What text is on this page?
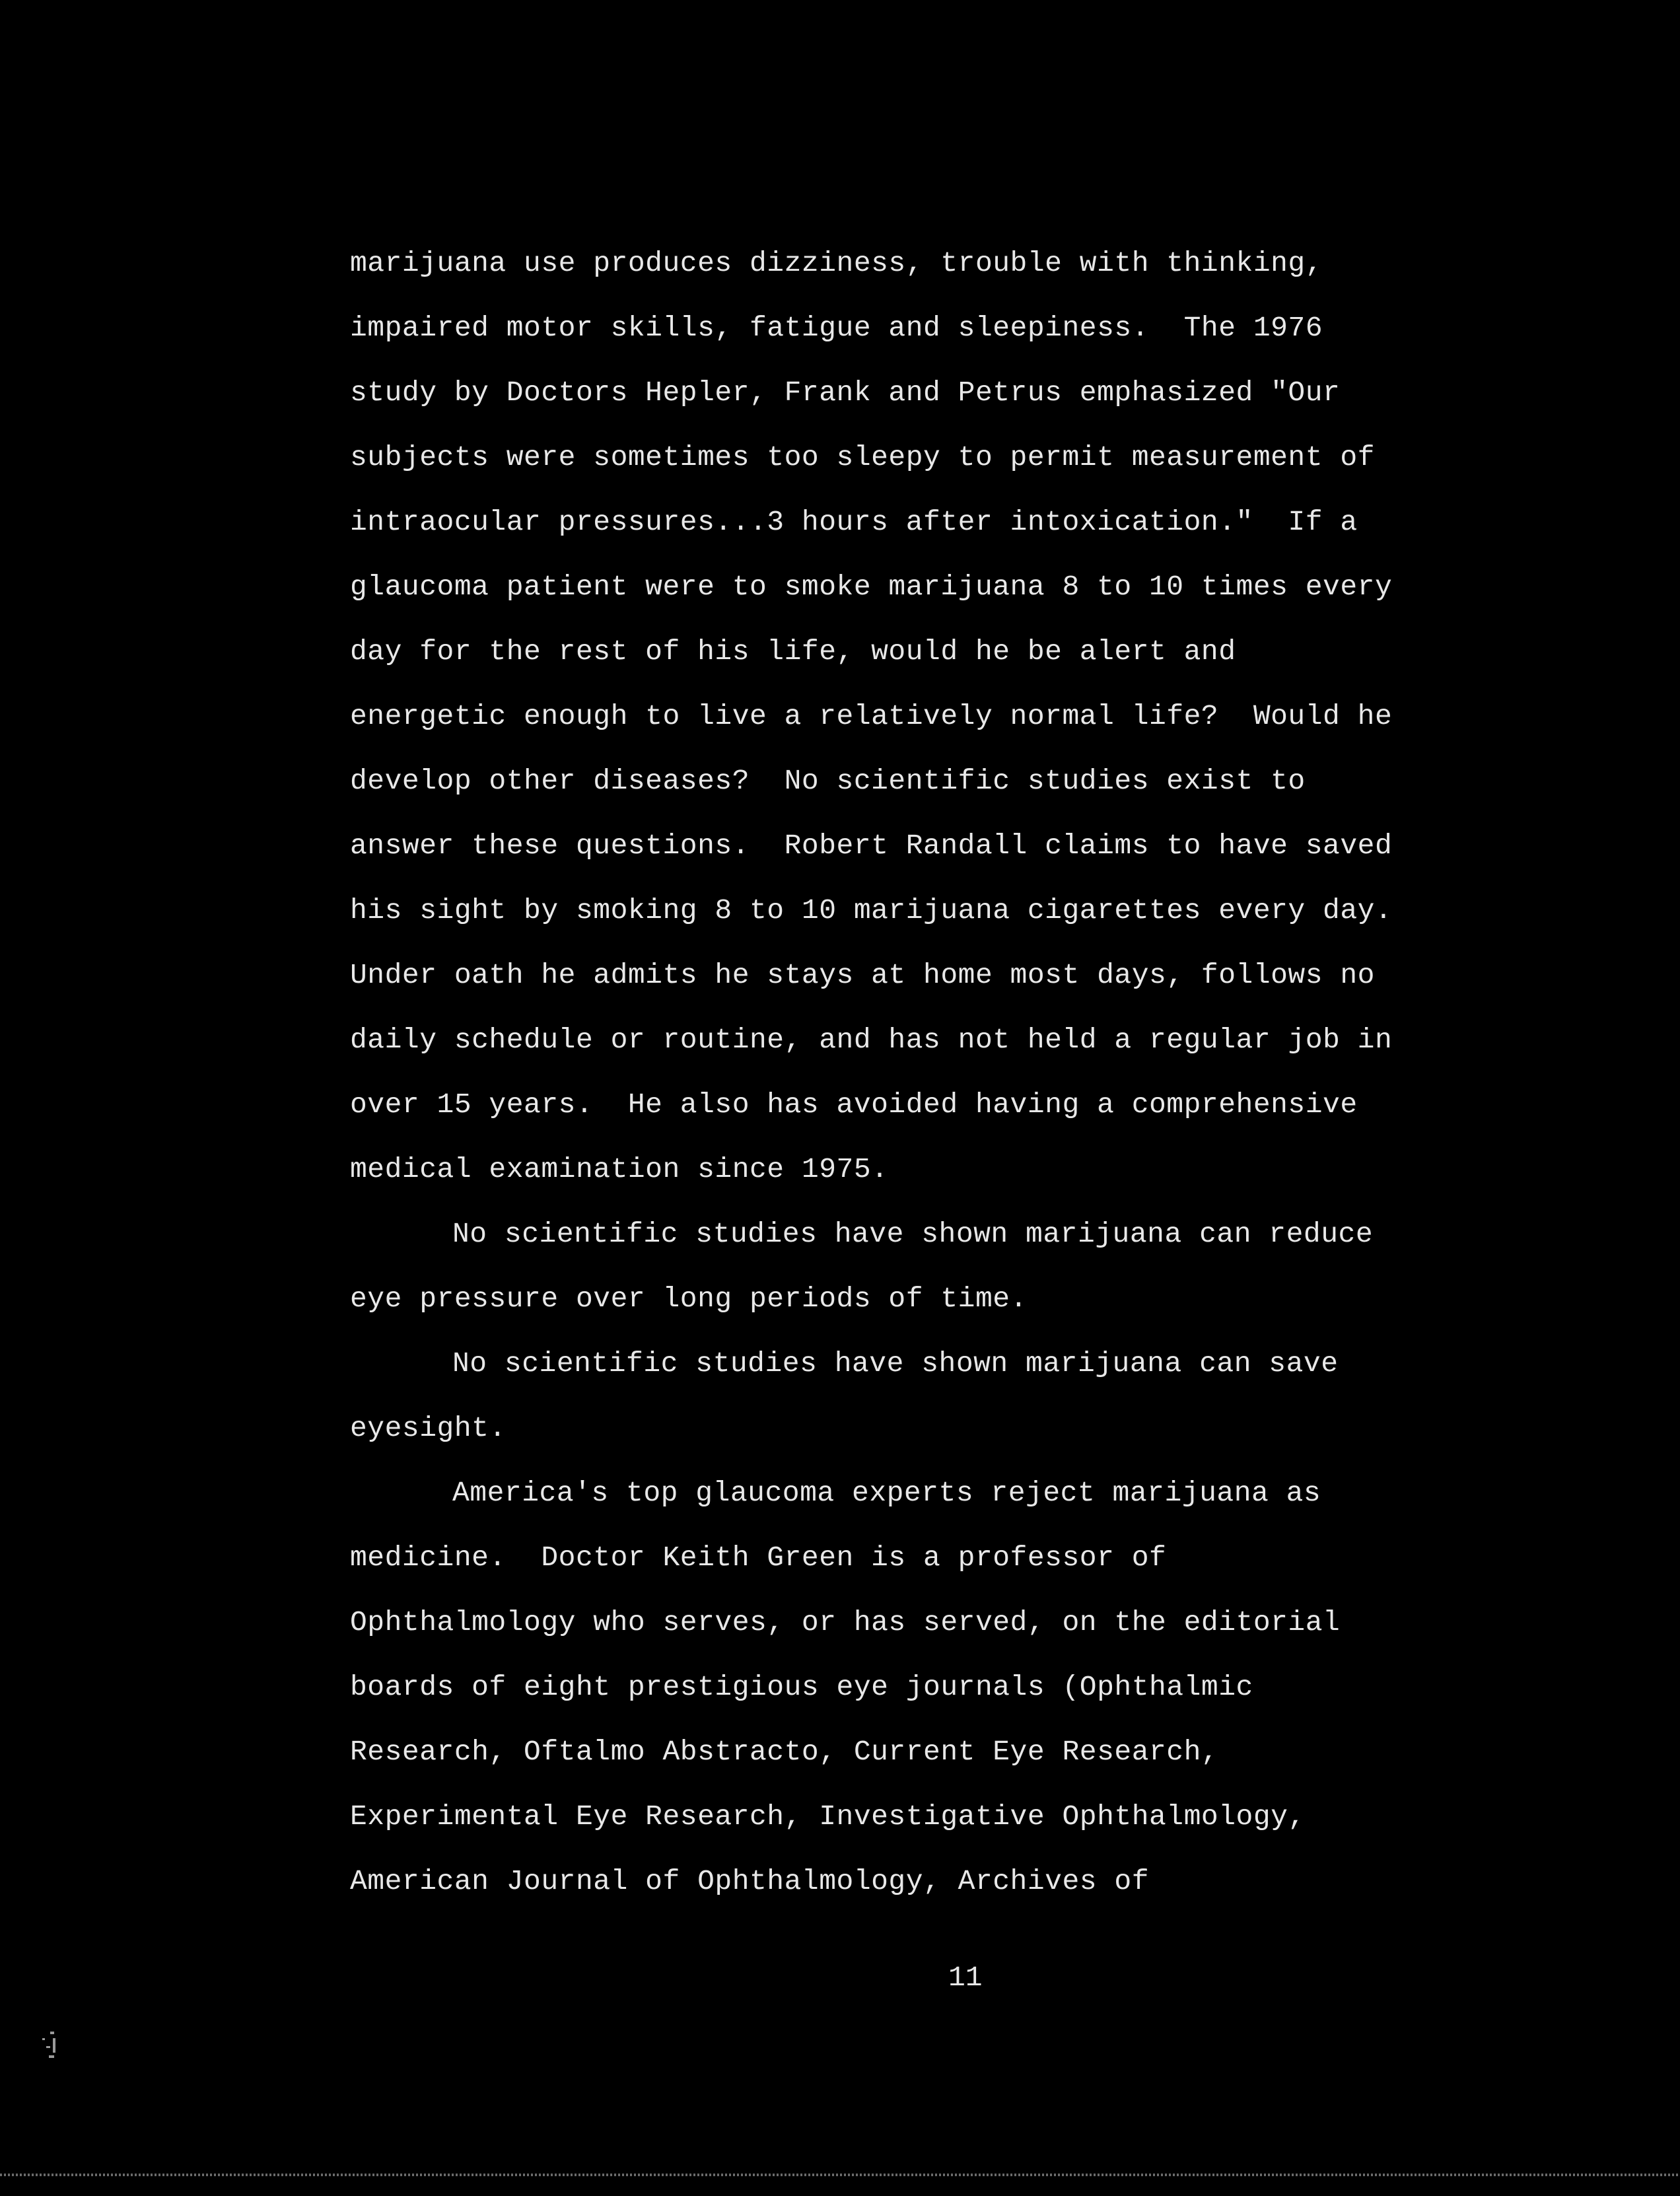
marijuana use produces dizziness, trouble with thinking,
impaired motor skills, fatigue and sleepiness.  The 1976
study by Doctors Hepler, Frank and Petrus emphasized "Our
subjects were sometimes too sleepy to permit measurement of
intraocular pressures...3 hours after intoxication."  If a
glaucoma patient were to smoke marijuana 8 to 10 times every
day for the rest of his life, would he be alert and
energetic enough to live a relatively normal life?  Would he
develop other diseases?  No scientific studies exist to
answer these questions.  Robert Randall claims to have saved
his sight by smoking 8 to 10 marijuana cigarettes every day.
Under oath he admits he stays at home most days, follows no
daily schedule or routine, and has not held a regular job in
over 15 years.  He also has avoided having a comprehensive
medical examination since 1975.
No scientific studies have shown marijuana can reduce
eye pressure over long periods of time.
No scientific studies have shown marijuana can save
eyesight.
America's top glaucoma experts reject marijuana as
medicine.  Doctor Keith Green is a professor of
Ophthalmology who serves, or has served, on the editorial
boards of eight prestigious eye journals (Ophthalmic
Research, Oftalmo Abstracto, Current Eye Research,
Experimental Eye Research, Investigative Ophthalmology,
American Journal of Ophthalmology, Archives of
11
